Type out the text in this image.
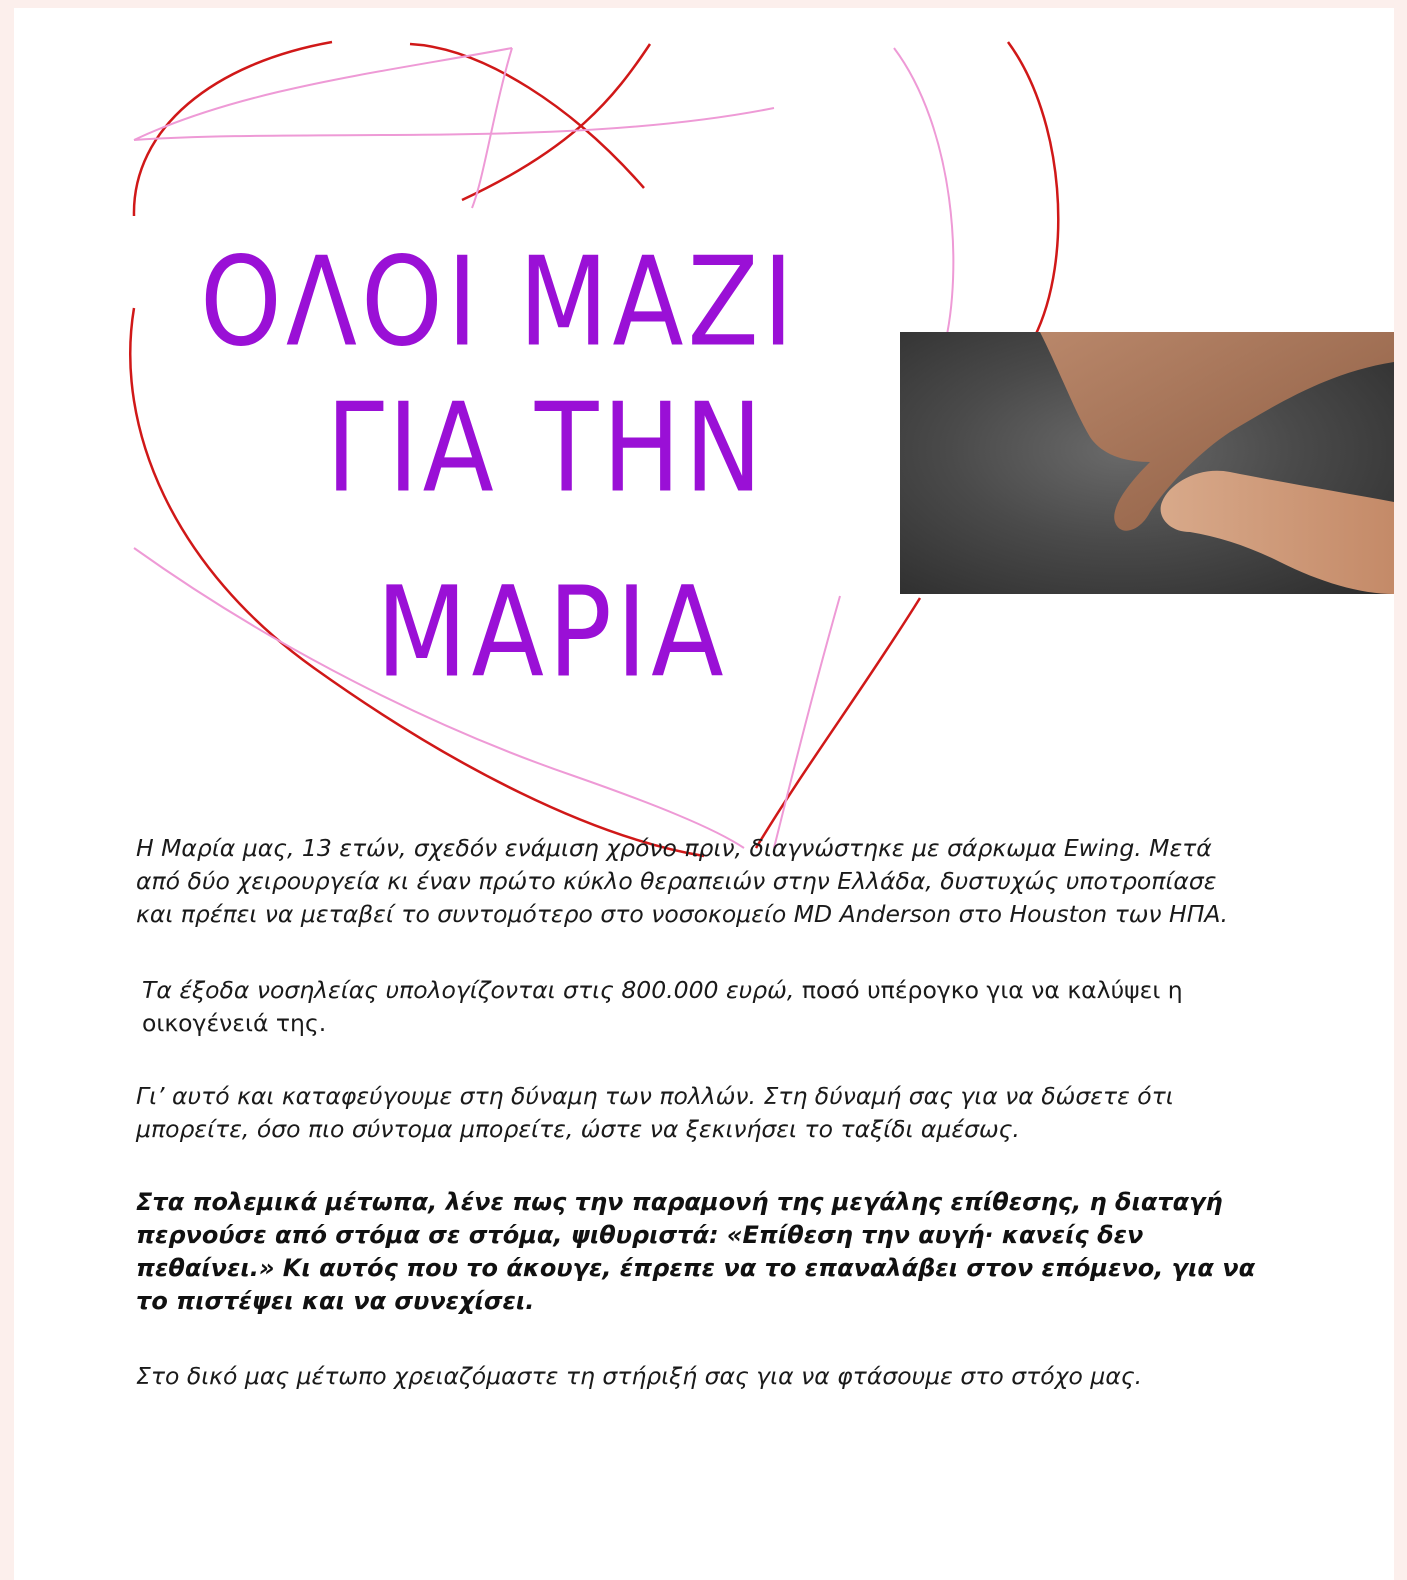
ΟΛΟΙ ΜΑΖΙ
ΓΙΑ ΤΗΝ
ΜΑΡΙΑ
Η Μαρία μας, 13 ετών, σχεδόν ενάμιση χρόνο πριν, διαγνώστηκε με σάρκωμα Ewing. Μετά
από δύο χειρουργεία κι έναν πρώτο κύκλο θεραπειών στην Ελλάδα, δυστυχώς υποτροπίασε
και πρέπει να μεταβεί το συντομότερο στο νοσοκομείο MD Anderson στο Houston των ΗΠΑ.
Τα έξοδα νοσηλείας υπολογίζονται στις 800.000 ευρώ, ποσό υπέρογκο για να καλύψει η
οικογένειά της.
Γι’ αυτό και καταφεύγουμε στη δύναμη των πολλών. Στη δύναμή σας για να δώσετε ότι
μπορείτε, όσο πιο σύντομα μπορείτε, ώστε να ξεκινήσει το ταξίδι αμέσως.
Στα πολεμικά μέτωπα, λένε πως την παραμονή της μεγάλης επίθεσης, η διαταγή
περνούσε από στόμα σε στόμα, ψιθυριστά: «Επίθεση την αυγή· κανείς δεν
πεθαίνει.» Κι αυτός που το άκουγε, έπρεπε να το επαναλάβει στον επόμενο, για να
το πιστέψει και να συνεχίσει.
Στο δικό μας μέτωπο χρειαζόμαστε τη στήριξή σας για να φτάσουμε στο στόχο μας.
